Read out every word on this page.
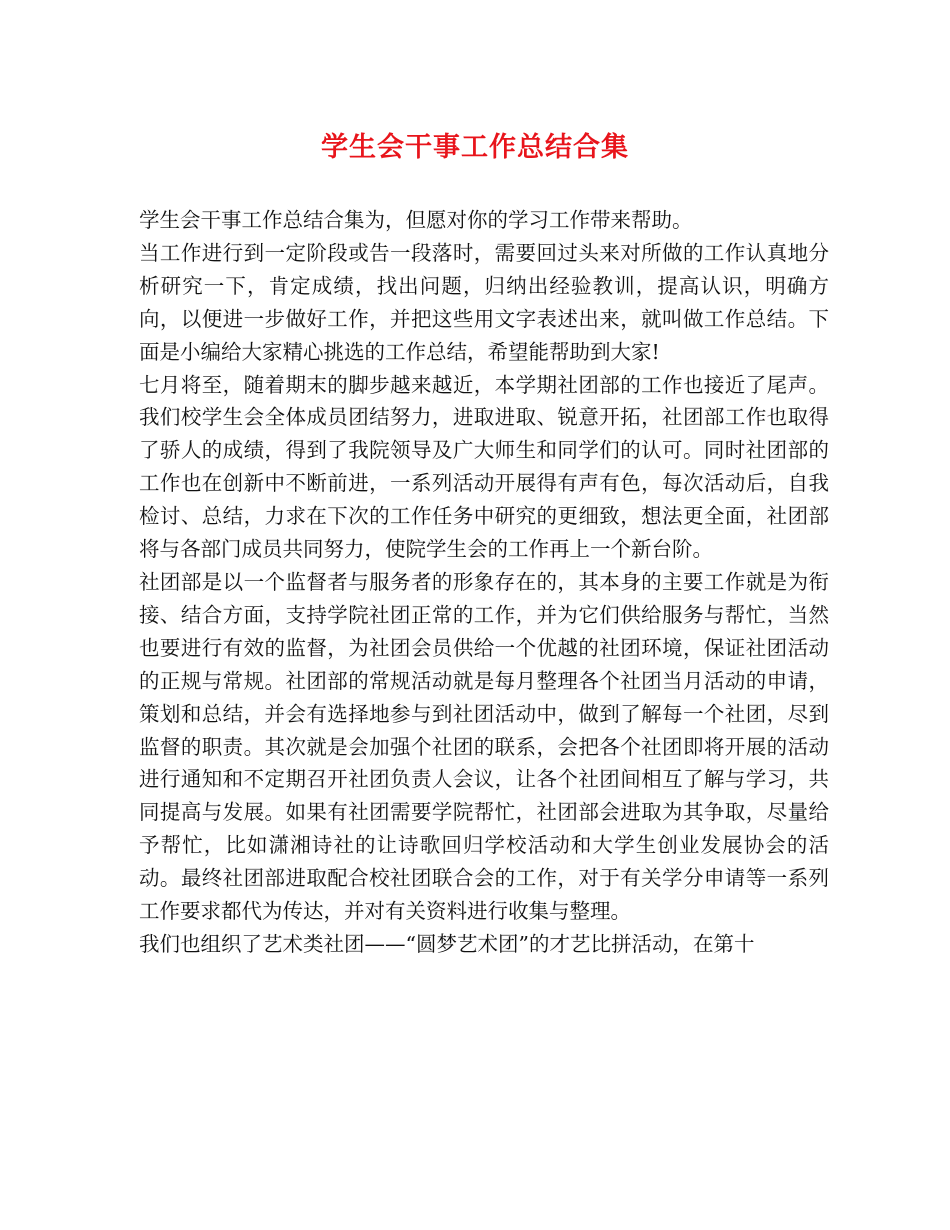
学生会干事工作总结合集

学生会干事工作总结合集为，但愿对你的学习工作带来帮助。

当工作进行到一定阶段或告一段落时，需要回过头来对所做的工作认真地分析研究一下，肯定成绩，找出问题，归纳出经验教训，提高认识，明确方向，以便进一步做好工作，并把这些用文字表述出来，就叫做工作总结。下面是小编给大家精心挑选的工作总结，希望能帮助到大家!

七月将至，随着期末的脚步越来越近，本学期社团部的工作也接近了尾声。我们校学生会全体成员团结努力，进取进取、锐意开拓，社团部工作也取得了骄人的成绩，得到了我院领导及广大师生和同学们的认可。同时社团部的工作也在创新中不断前进，一系列活动开展得有声有色，每次活动后，自我检讨、总结，力求在下次的工作任务中研究的更细致，想法更全面，社团部将与各部门成员共同努力，使院学生会的工作再上一个新台阶。

社团部是以一个监督者与服务者的形象存在的，其本身的主要工作就是为衔接、结合方面，支持学院社团正常的工作，并为它们供给服务与帮忙，当然也要进行有效的监督，为社团会员供给一个优越的社团环境，保证社团活动的正规与常规。社团部的常规活动就是每月整理各个社团当月活动的申请，策划和总结，并会有选择地参与到社团活动中，做到了解每一个社团，尽到监督的职责。其次就是会加强个社团的联系，会把各个社团即将开展的活动进行通知和不定期召开社团负责人会议，让各个社团间相互了解与学习，共同提高与发展。如果有社团需要学院帮忙，社团部会进取为其争取，尽量给予帮忙，比如潇湘诗社的让诗歌回归学校活动和大学生创业发展协会的活动。最终社团部进取配合校社团联合会的工作，对于有关学分申请等一系列工作要求都代为传达，并对有关资料进行收集与整理。

我们也组织了艺术类社团——“圆梦艺术团”的才艺比拼活动，在第十
